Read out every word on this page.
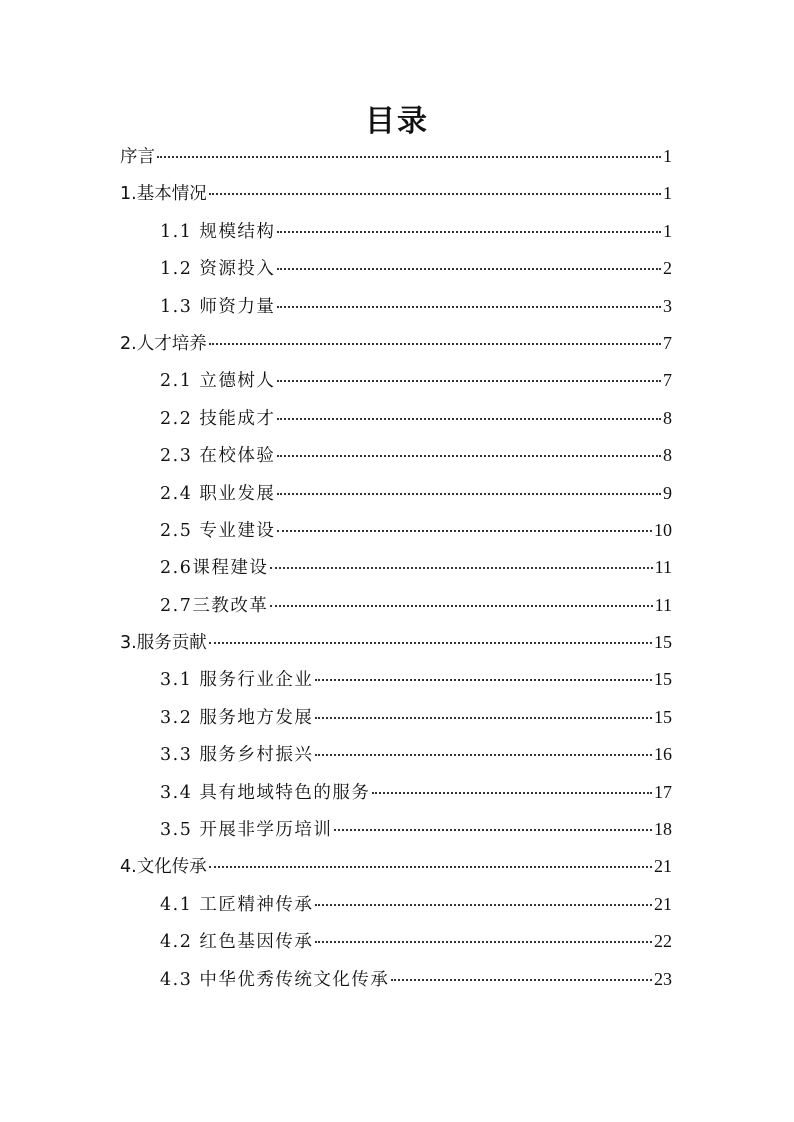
目录
序言	1
1.基本情况	1
1.1 规模结构	1
1.2 资源投入	2
1.3 师资力量	3
2.人才培养	7
2.1 立德树人	7
2.2 技能成才	8
2.3 在校体验	8
2.4 职业发展	9
2.5 专业建设	10
2.6课程建设	11
2.7三教改革	11
3.服务贡献	15
3.1 服务行业企业	15
3.2 服务地方发展	15
3.3 服务乡村振兴	16
3.4 具有地域特色的服务	17
3.5 开展非学历培训	18
4.文化传承	21
4.1 工匠精神传承	21
4.2 红色基因传承	22
4.3 中华优秀传统文化传承	23
